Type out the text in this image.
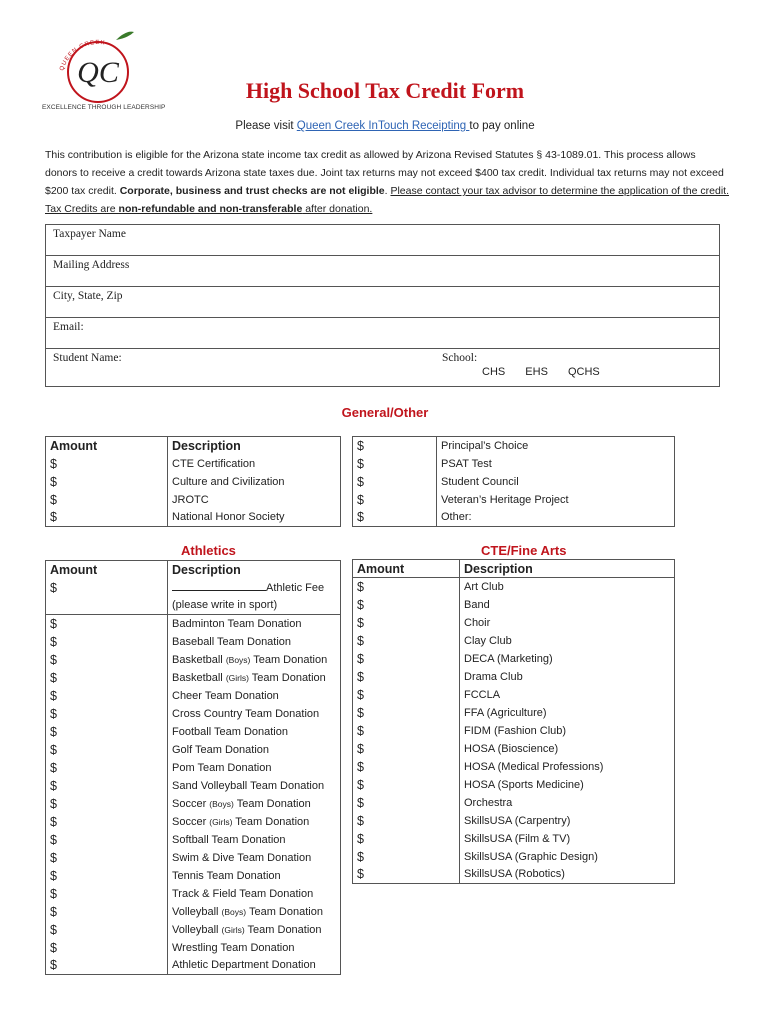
QUEEN CREEK
QC
EXCELLENCE THROUGH LEADERSHIP
High School Tax Credit Form
Please visit Queen Creek InTouch Receipting to pay online
This contribution is eligible for the Arizona state income tax credit as allowed by Arizona Revised Statutes § 43-1089.01. This process allows donors to receive a credit towards Arizona state taxes due. Joint tax returns may not exceed $400 tax credit. Individual tax returns may not exceed $200 tax credit. Corporate, business and trust checks are not eligible. Please contact your tax advisor to determine the application of the credit. Tax Credits are non-refundable and non-transferable after donation.
Taxpayer Name
Mailing Address
City, State, Zip
Email:
Student Name:	School:
CHS EHS QCHS
General/Other
Amount	Description
$	CTE Certification
$	Culture and Civilization
$	JROTC
$	National Honor Society
$	Principal’s Choice
$	PSAT Test
$	Student Council
$	Veteran’s Heritage Project
$	Other:
Athletics
Amount	Description
$	Athletic Fee
	(please write in sport)
$	Badminton Team Donation
$	Baseball Team Donation
$	Basketball (Boys) Team Donation
$	Basketball (Girls) Team Donation
$	Cheer Team Donation
$	Cross Country Team Donation
$	Football Team Donation
$	Golf Team Donation
$	Pom Team Donation
$	Sand Volleyball Team Donation
$	Soccer (Boys) Team Donation
$	Soccer (Girls) Team Donation
$	Softball Team Donation
$	Swim & Dive Team Donation
$	Tennis Team Donation
$	Track & Field Team Donation
$	Volleyball (Boys) Team Donation
$	Volleyball (Girls) Team Donation
$	Wrestling Team Donation
$	Athletic Department Donation
CTE/Fine Arts
Amount	Description
$	Art Club
$	Band
$	Choir
$	Clay Club
$	DECA (Marketing)
$	Drama Club
$	FCCLA
$	FFA (Agriculture)
$	FIDM (Fashion Club)
$	HOSA (Bioscience)
$	HOSA (Medical Professions)
$	HOSA (Sports Medicine)
$	Orchestra
$	SkillsUSA (Carpentry)
$	SkillsUSA (Film & TV)
$	SkillsUSA (Graphic Design)
$	SkillsUSA (Robotics)
